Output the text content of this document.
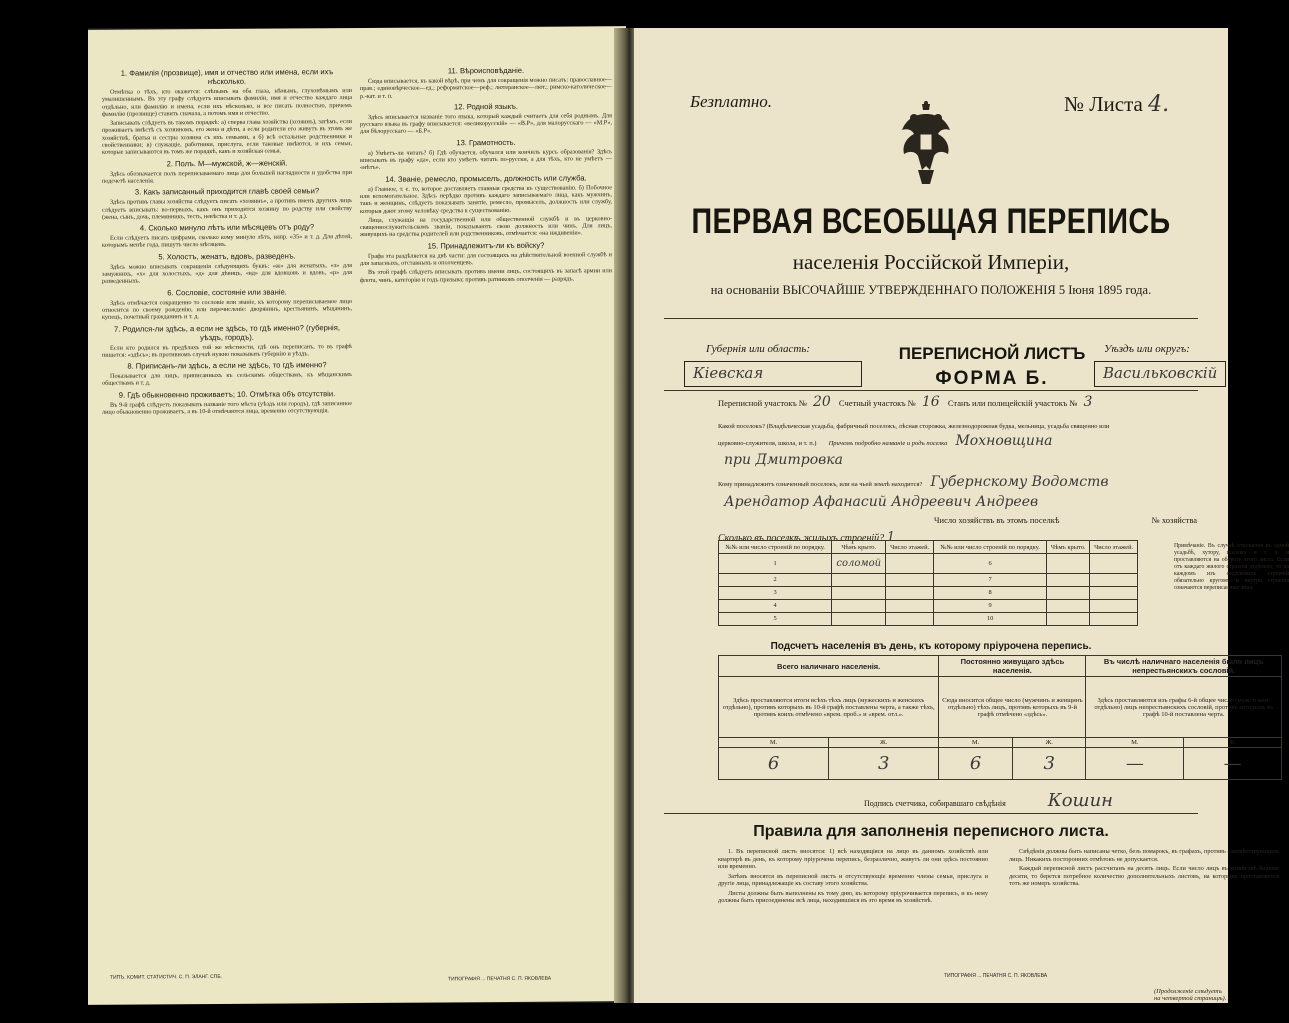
1. Фамилія (прозвище), имя и отчество или имена, если ихъ нѣсколько.

Отмѣтка о тѣхъ, кто окажется: слѣпымъ на оба глаза, нѣмымъ, глухонѣмымъ или умалишеннымъ. Въ эту графу слѣдуетъ вписывать фамиліи, имя и отчество каждаго лица отдѣльно, или фамилію и имена, если ихъ нѣсколько, и все писать полностью, причемъ фамилію (прозвище) ставить сначала, а потомъ имя и отчество.

Записывать слѣдуетъ въ такомъ порядкѣ: а) сперва глава хозяйства (хозяинъ), затѣмъ, если проживаетъ вмѣстѣ съ хозяиномъ, его жена и дѣти, а если родители его живутъ въ этомъ же хозяйствѣ, братья и сестры хозяина съ ихъ семьями, а б) всѣ остальные родственники и свойственники; в) служащіе, работники, прислуга, если таковые имѣются, и ихъ семьи, которые записываются въ томъ же порядкѣ, какъ и хозяйская семья.

2. Полъ. М—мужской, ж—женскій.

Здѣсь обозначается полъ переписываемаго лица для большей наглядности и удобства при подсчетѣ населенія.

3. Какъ записанный приходится главѣ своей семьи?

Здѣсь противъ главы хозяйства слѣдуетъ писать «хозяинъ», а противъ именъ другихъ лицъ слѣдуетъ вписывать: во-первыхъ, какъ онъ приходится хозяину по родству или свойству (жена, сынъ, дочь, племянникъ, тесть, невѣстка и т. д.).

4. Сколько минуло лѣтъ или мѣсяцевъ отъ роду?

Если слѣдуетъ писать цифрами, сколько кому минуло лѣтъ, напр. «35» и т. д. Для дѣтей, которымъ менѣе года, пишутъ число мѣсяцевъ.

5. Холостъ, женатъ, вдовъ, разведенъ.

Здѣсь можно вписывать сокращенія слѣдующихъ буквъ: «ж» для женатыхъ, «з» для замужнихъ, «х» для холостыхъ, «д» для дѣвицъ, «вд» для вдовцовъ и вдовъ, «р» для разведенныхъ.

6. Сословіе, состояніе или званіе.

Здѣсь отмѣчается сокращенно то сословіе или званіе, къ которому переписываемое лицо относится по своему рожденію, или перечисленіе: дворянинъ, крестьянинъ, мѣщанинъ, купецъ, почетный гражданинъ и т. д.

7. Родился-ли здѣсь, а если не здѣсь, то гдѣ именно? (губернія, уѣздъ, городъ).

Если кто родился въ предѣлахъ той же мѣстности, гдѣ онъ переписанъ, то въ графѣ пишется: «здѣсь»; въ противномъ случаѣ нужно показывать губернію и уѣздъ.

8. Приписанъ-ли здѣсь, а если не здѣсь, то гдѣ именно?

Показывается для лицъ, приписанныхъ къ сельскимъ обществамъ, къ мѣщанскимъ обществамъ и т. д.

9. Гдѣ обыкновенно проживаетъ; 10. Отмѣтка объ отсутствіи.

Въ 9-й графѣ слѣдуетъ показывать названіе того мѣста (уѣздъ или городъ), гдѣ записанное лицо обыкновенно проживаетъ, а въ 10-й отмѣчаются лица, временно отсутствующія.

11. Вѣроисповѣданіе.

Сюда вписывается, къ какой вѣрѣ, при чемъ для сокращенія можно писать: православное—прав.; единовѣрческое—ед.; реформатское—реф.; лютеранское—лют.; римско-католическое—р.-кат. и т. п.

12. Родной языкъ.

Здѣсь вписывается названіе того языка, который каждый считаетъ для себя роднымъ. Для русскаго языка въ графу вписывается: «великорусскій» — «В.Р», для малорусскаго — «М.Р», для бѣлорусскаго — «Б.Р».

13. Грамотность.

а) Умѣетъ-ли читать? б) Гдѣ обучается, обучался или кончилъ курсъ образованія? Здѣсь вписывать въ графу «да», если кто умѣетъ читать по-русски, а для тѣхъ, кто не умѣетъ — «нѣтъ».

14. Званіе, ремесло, промыселъ, должность или служба.

а) Главное, т. е. то, которое доставляетъ главныя средства къ существованію. б) Побочное или вспомогательное. Здѣсь нерѣдко противъ каждаго записываемаго лица, какъ мужчинъ, такъ и женщинъ, слѣдуетъ показывать занятіе, ремесло, промыселъ, должность или службу, которыя дают этому человѣку средства к существованію.

Лица, служащія на государственной или общественной службѣ и въ церковно-священнослужительскомъ званіи, показываютъ свою должность или чинъ. Для лицъ, живущихъ на средства родителей или родственниковъ, отмѣчается: «на иждивеніи».

15. Принадлежитъ-ли къ войску?

Графа эта раздѣляется на двѣ части: для состоящихъ на дѣйствительной военной службѣ и для запасныхъ, отставныхъ и ополченцевъ.

Въ этой графѣ слѣдуетъ вписывать противъ имени лицъ, состоящихъ въ запасѣ армии или флота, чинъ, категорію и годъ призыва; противъ ратниковъ ополченія — разрядъ.

ТИПЪ. КОМИТ. СТАТИСТИЧ. С. П. ЭЛАНГ. СПБ.	ТИПОГРАФІЯ ... ПЕЧАТНЯ С. П. ЯКОВЛЕВА
Безплатно.	№ Листа 4.
ПЕРВАЯ ВСЕОБЩАЯ ПЕРЕПИСЬ
населенія Россійской Имперіи,
на основаніи ВЫСОЧАЙШЕ УТВЕРЖДЕННАГО ПОЛОЖЕНІЯ 5 Іюня 1895 года.
Губернія или область:
Кіевская
ПЕРЕПИСНОЙ ЛИСТЪ
ФОРМА Б.
Уѣздъ или округъ:
Васильковскій
Переписной участокъ № 20 Счетный участокъ № 16 Станъ или полицейскій участокъ № 3
Какой поселокъ? (Владѣльческая усадьба, фабричный поселокъ, лѣсная сторожка, железнодорожная будка, мельница, усадьба священно или
церковно-служителя, школа, и т. п.) Причемъ подробно названіе и родъ поселка Мохновщина
при Дмитровка
Кому принадлежитъ означенный поселокъ, или на чьей землѣ находится? Губернскому Водомств
Арендатор Афанасий Андреевич Андреев
Число хозяйствъ въ этомъ поселкѣ	№ хозяйства
Сколько въ поселкѣ жилыхъ строеній? 1
№№ или число строеній по порядку.	Чѣмъ крыто.	Число этажей.	№№ или число строеній по порядку.	Чѣмъ крыто.	Число этажей.
1	соломой		6		
2			7		
3			8		
4			9		
5			10		
Примѣчаніе. Въ случаѣ отношенія къ одной усадьбѣ, хутору, поселку и т. п. и проставляются на обороте этого листа. Если отъ каждаго жилого строенія отдѣльно, то на каждомъ изъ отдѣльныхъ строеній обязательно кругомъ и внутри строенія означаются переписанные лица.
Подсчетъ населенія въ день, къ которому пріурочена перепись.
Всего наличнаго населенія.		Постоянно живущаго здѣсь населенія.		Въ числѣ наличнаго населенія было лицъ непрестьянскихъ сословій.	
Здѣсь проставляются итоги всѣхъ тѣхъ лицъ (мужескихъ и женскихъ отдѣльно), противъ которыхъ въ 10-й графѣ поставлены черта, а также тѣхъ, противъ коихъ отмѣчено «врем. проб.» и «врем. отл.».		Сюда вносится общее число (мужчинъ и женщинъ отдѣльно) тѣхъ лицъ, противъ которыхъ въ 9-й графѣ отмѣчено «здѣсь».		Здѣсь проставляются изъ графы 6-й общее число (муж. и жен. отдѣльно) лицъ непрестьянскихъ сословій, противъ которыхъ въ графѣ 10-й поставлена черта.	
М.	Ж.	М.	Ж.	М.	Ж.
6	3	6	3	—	—
Подпись счетчика, собиравшаго свѣдѣнія Кошин
Правила для заполненія переписного листа.

1. Въ переписной листъ вносятся: 1) всѣ находящіяся на лицо въ данномъ хозяйствѣ или квартирѣ въ день, къ которому пріурочена перепись, безразлично, живутъ ли они здѣсь постоянно или временно.

Затѣмъ вносятся въ переписной листъ и отсутствующіе временно члены семьи, прислуга и другіе лица, принадлежащіе къ составу этого хозяйства.

Листы должны быть выполнены къ тому дню, къ которому пріурочивается перепись, и къ нему должны быть присоединены всѣ лица, находившіяся въ это время въ хозяйствѣ.

Свѣдѣнія должны быть написаны четко, безъ помарокъ, въ графахъ, противъ соотвѣтствующихъ лицъ. Никакихъ посторонних отмѣтокъ не допускается.

Каждый переписной листъ рассчитанъ на десять лицъ. Если число лицъ въ хозяйствѣ больше десяти, то берется потребное количество дополнительныхъ листовъ, на которыхъ проставляется тотъ же номеръ хозяйства.

(Продолженіе слѣдуетъ на четвертой страницѣ).
ТИПОГРАФІЯ ... ПЕЧАТНЯ С. П. ЯКОВЛЕВА
